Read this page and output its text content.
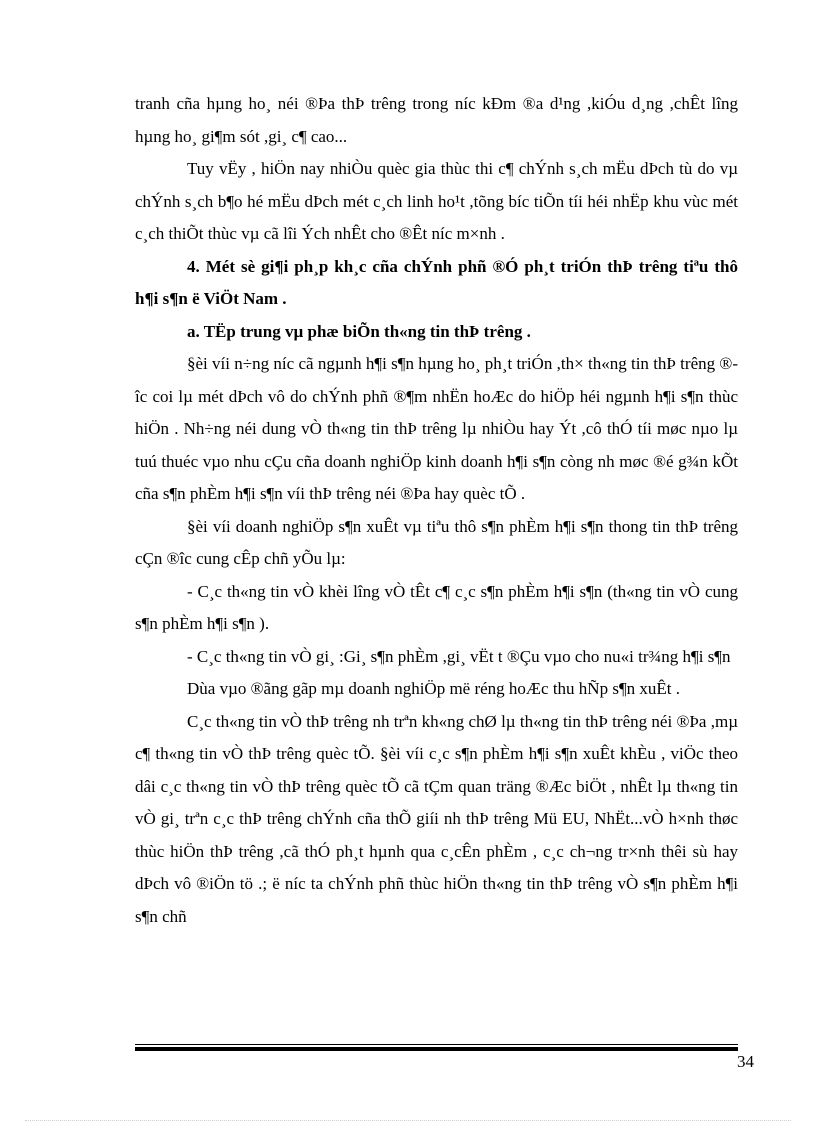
tranh cña hµng ho¸ néi ®Þa thÞ trêng trong níc kÐm ®a d¹ng ,kiÓu d¸ng ,chÊt lîng hµng ho¸ gi¶m sót ,gi¸ c¶ cao...

Tuy vËy , hiÖn nay nhiÒu quèc gia thùc thi c¶ chÝnh s¸ch mËu dÞch tù do vµ chÝnh s¸ch b¶o hé mËu dÞch mét c¸ch linh ho¹t ,tõng bíc tiÕn tíi héi nhËp khu vùc mét c¸ch thiÕt thùc vµ cã lîi Ých nhÊt cho ®Êt níc m×nh .

4. Mét sè gi¶i ph¸p kh¸c cña chÝnh phñ ®Ó ph¸t triÓn thÞ trêng tiªu thô h¶i s¶n ë ViÖt Nam .

a. TËp trung vµ phæ biÕn th«ng tin thÞ trêng .

§èi víi n÷ng níc cã ngµnh h¶i s¶n hµng ho¸ ph¸t triÓn ,th× th«ng tin thÞ trêng ®îc coi lµ mét dÞch vô do chÝnh phñ ®¶m nhËn hoÆc do hiÖp héi ngµnh h¶i s¶n thùc hiÖn . Nh÷ng néi dung vÒ th«ng tin thÞ trêng lµ nhiÒu hay Ýt ,cô thÓ tíi møc nµo lµ tuú thuéc vµo nhu cÇu cña doanh nghiÖp kinh doanh h¶i s¶n còng nh møc ®é g¾n kÕt cña s¶n phÈm h¶i s¶n víi thÞ trêng néi ®Þa hay quèc tÕ .

§èi víi doanh nghiÖp s¶n xuÊt vµ tiªu thô s¶n phÈm h¶i s¶n thong tin thÞ trêng cÇn ®îc cung cÊp chñ yÕu lµ:

- C¸c th«ng tin vÒ khèi lîng vÒ tÊt c¶ c¸c s¶n phÈm h¶i s¶n (th«ng tin vÒ cung s¶n phÈm h¶i s¶n ).

- C¸c th«ng tin vÒ gi¸ :Gi¸ s¶n phÈm ,gi¸ vËt t ®Çu vµo cho nu«i tr¾ng h¶i s¶n

Dùa vµo ®ãng gãp mµ doanh nghiÖp më réng hoÆc thu hÑp s¶n xuÊt .

C¸c th«ng tin vÒ thÞ trêng nh trªn kh«ng chØ lµ th«ng tin thÞ trêng néi ®Þa ,mµ c¶ th«ng tin vÒ thÞ trêng quèc tÕ. §èi víi c¸c s¶n phÈm h¶i s¶n xuÊt khÈu , viÖc theo dâi c¸c th«ng tin vÒ thÞ trêng quèc tÕ cã tÇm quan träng ®Æc biÖt , nhÊt lµ th«ng tin vÒ gi¸ trªn c¸c thÞ trêng chÝnh cña thÕ giíi nh thÞ trêng Mü EU, NhËt...vÒ h×nh thøc thùc hiÖn thÞ trêng ,cã thÓ ph¸t hµnh qua c¸cÊn phÈm , c¸c ch¬ng tr×nh thêi sù hay dÞch vô ®iÖn tö .; ë níc ta chÝnh phñ thùc hiÖn th«ng tin thÞ trêng vÒ s¶n phÈm h¶i s¶n chñ

34
